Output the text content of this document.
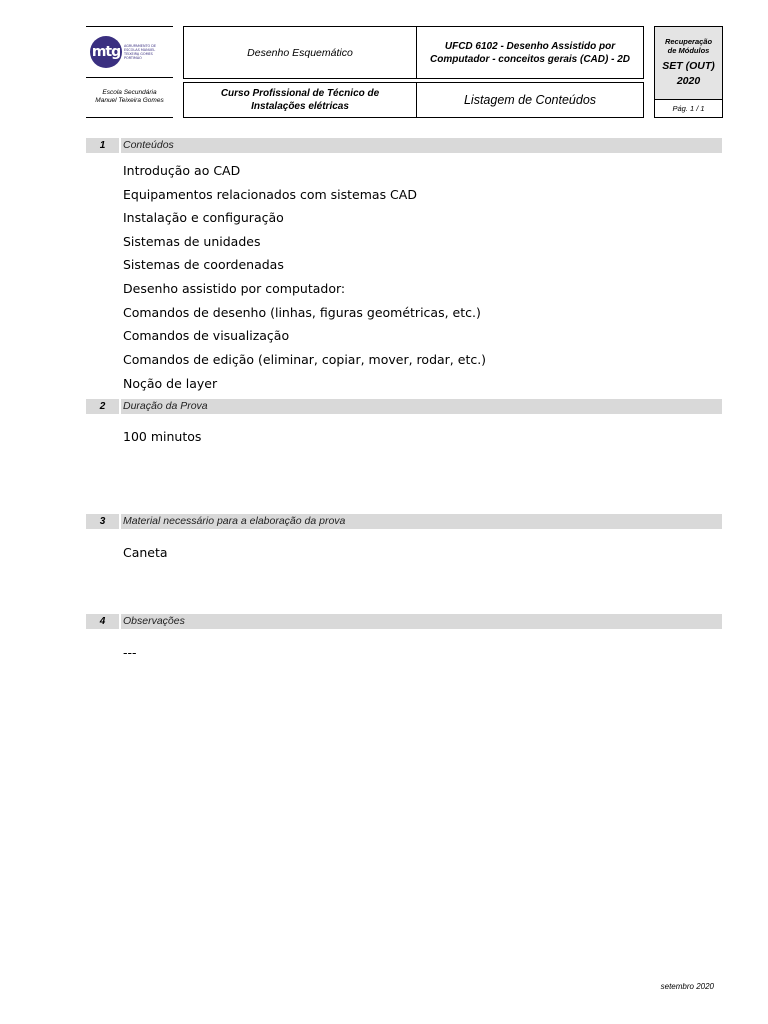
mtg	AGRUPAMENTO DE ESCOLAS MANUEL TEIXEIRA GOMES PORTIMÃO
Escola Secundária
Manuel Teixeira Gomes
Desenho Esquemático
UFCD 6102 - Desenho Assistido por Computador - conceitos gerais (CAD) - 2D
Curso Profissional de Técnico de Instalações elétricas	Listagem de Conteúdos
Recuperação
de Módulos
SET (OUT)
2020
Pág. 1 / 1
1	Conteúdos
Introdução ao CAD
Equipamentos relacionados com sistemas CAD
Instalação e configuração
Sistemas de unidades
Sistemas de coordenadas
Desenho assistido por computador:
Comandos de desenho (linhas, figuras geométricas, etc.)
Comandos de visualização
Comandos de edição (eliminar, copiar, mover, rodar, etc.)
Noção de layer
2	Duração da Prova
100 minutos
3	Material necessário para a elaboração da prova
Caneta
4	Observações
---
setembro 2020
